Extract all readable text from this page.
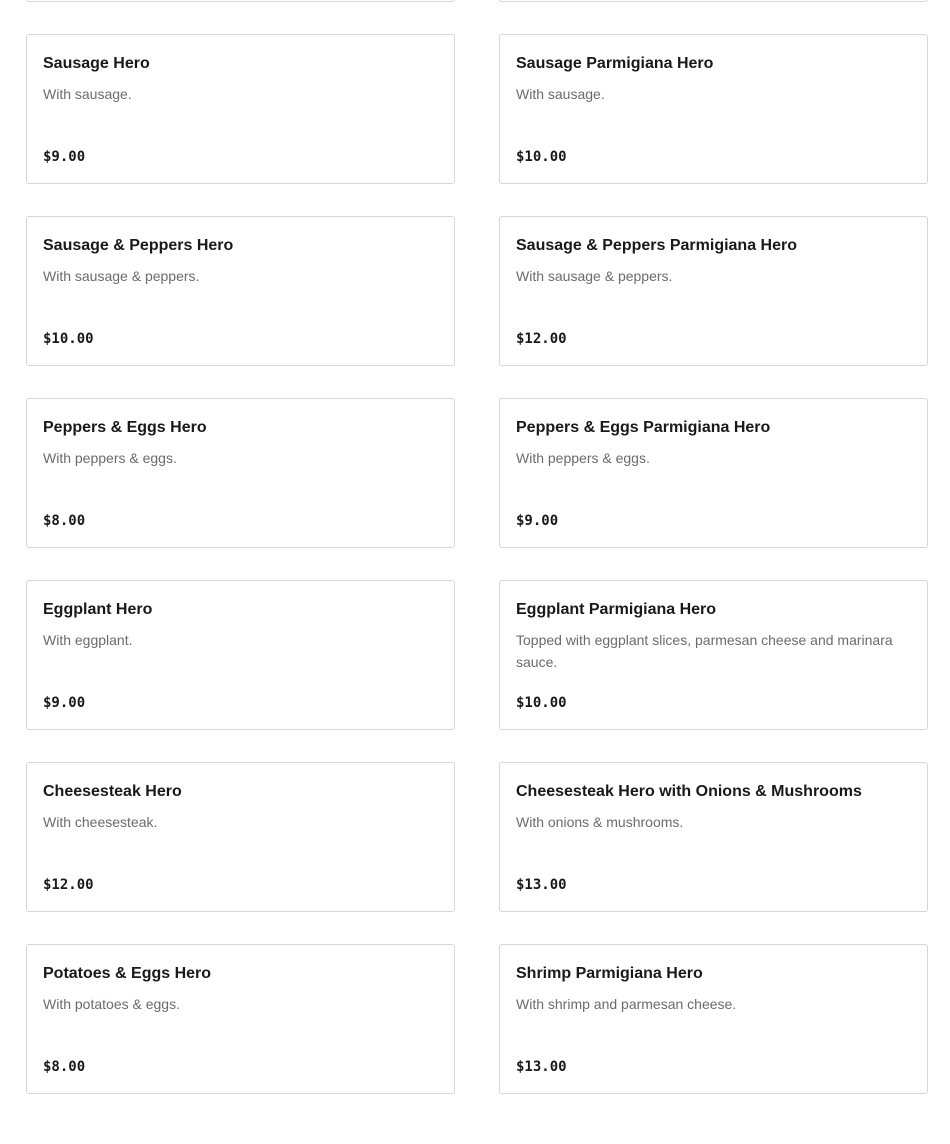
Sausage Hero
With sausage.
$9.00
Sausage Parmigiana Hero
With sausage.
$10.00
Sausage & Peppers Hero
With sausage & peppers.
$10.00
Sausage & Peppers Parmigiana Hero
With sausage & peppers.
$12.00
Peppers & Eggs Hero
With peppers & eggs.
$8.00
Peppers & Eggs Parmigiana Hero
With peppers & eggs.
$9.00
Eggplant Hero
With eggplant.
$9.00
Eggplant Parmigiana Hero
Topped with eggplant slices, parmesan cheese and marinara sauce.
$10.00
Cheesesteak Hero
With cheesesteak.
$12.00
Cheesesteak Hero with Onions & Mushrooms
With onions & mushrooms.
$13.00
Potatoes & Eggs Hero
With potatoes & eggs.
$8.00
Shrimp Parmigiana Hero
With shrimp and parmesan cheese.
$13.00
